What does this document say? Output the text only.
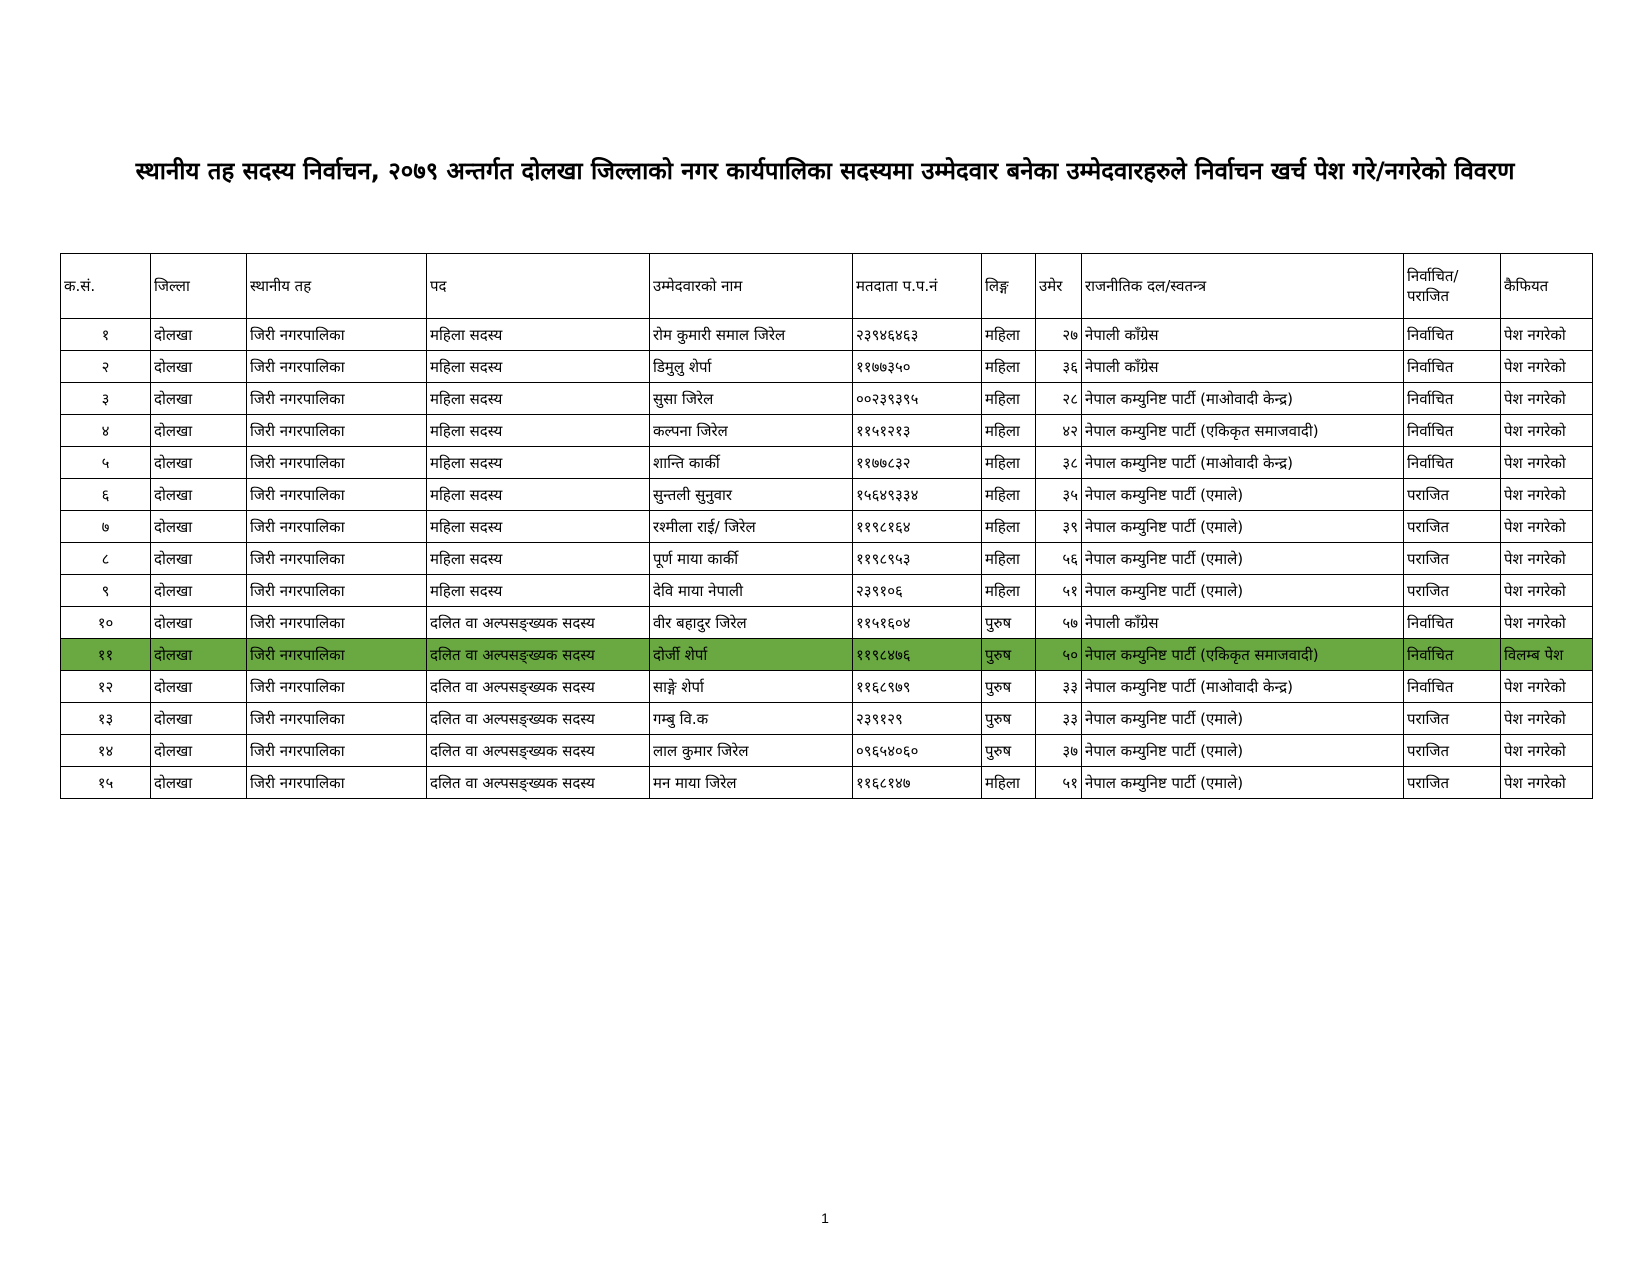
स्थानीय तह सदस्य निर्वाचन, २०७९ अन्तर्गत दोलखा जिल्लाको नगर कार्यपालिका सदस्यमा उम्मेदवार बनेका उम्मेदवारहरुले निर्वाचन खर्च पेश गरे/नगरेको विवरण
क.सं.	जिल्ला	स्थानीय तह	पद	उम्मेदवारको नाम	मतदाता प.प.नं	लिङ्ग	उमेर	राजनीतिक दल/स्वतन्त्र	निर्वाचित/
पराजित	कैफियत
१	दोलखा	जिरी नगरपालिका	महिला सदस्य	रोम कुमारी समाल जिरेल	२३९४६४६३	महिला	२७	नेपाली काँग्रेस	निर्वाचित	पेश नगरेको
२	दोलखा	जिरी नगरपालिका	महिला सदस्य	डिमुलु शेर्पा	११७७३५०	महिला	३६	नेपाली काँग्रेस	निर्वाचित	पेश नगरेको
३	दोलखा	जिरी नगरपालिका	महिला सदस्य	सुसा जिरेल	००२३९३९५	महिला	२८	नेपाल कम्युनिष्ट पार्टी (माओवादी केन्द्र)	निर्वाचित	पेश नगरेको
४	दोलखा	जिरी नगरपालिका	महिला सदस्य	कल्पना जिरेल	११५१२१३	महिला	४२	नेपाल कम्युनिष्ट पार्टी (एकिकृत समाजवादी)	निर्वाचित	पेश नगरेको
५	दोलखा	जिरी नगरपालिका	महिला सदस्य	शान्ति कार्की	११७७८३२	महिला	३८	नेपाल कम्युनिष्ट पार्टी (माओवादी केन्द्र)	निर्वाचित	पेश नगरेको
६	दोलखा	जिरी नगरपालिका	महिला सदस्य	सुन्तली सुनुवार	१५६४९३३४	महिला	३५	नेपाल कम्युनिष्ट पार्टी (एमाले)	पराजित	पेश नगरेको
७	दोलखा	जिरी नगरपालिका	महिला सदस्य	रश्मीला राई/ जिरेल	११९८१६४	महिला	३९	नेपाल कम्युनिष्ट पार्टी (एमाले)	पराजित	पेश नगरेको
८	दोलखा	जिरी नगरपालिका	महिला सदस्य	पूर्ण माया कार्की	११९८९५३	महिला	५६	नेपाल कम्युनिष्ट पार्टी (एमाले)	पराजित	पेश नगरेको
९	दोलखा	जिरी नगरपालिका	महिला सदस्य	देवि माया नेपाली	२३९१०६	महिला	५१	नेपाल कम्युनिष्ट पार्टी (एमाले)	पराजित	पेश नगरेको
१०	दोलखा	जिरी नगरपालिका	दलित वा अल्पसङ्ख्यक सदस्य	वीर बहादुर जिरेल	११५१६०४	पुरुष	५७	नेपाली काँग्रेस	निर्वाचित	पेश नगरेको
११	दोलखा	जिरी नगरपालिका	दलित वा अल्पसङ्ख्यक सदस्य	दोर्जी शेर्पा	११९८४७६	पुरुष	५०	नेपाल कम्युनिष्ट पार्टी (एकिकृत समाजवादी)	निर्वाचित	विलम्ब पेश
१२	दोलखा	जिरी नगरपालिका	दलित वा अल्पसङ्ख्यक सदस्य	साङ्गे शेर्पा	११६८९७९	पुरुष	३३	नेपाल कम्युनिष्ट पार्टी (माओवादी केन्द्र)	निर्वाचित	पेश नगरेको
१३	दोलखा	जिरी नगरपालिका	दलित वा अल्पसङ्ख्यक सदस्य	गम्बु वि.क	२३९१२९	पुरुष	३३	नेपाल कम्युनिष्ट पार्टी (एमाले)	पराजित	पेश नगरेको
१४	दोलखा	जिरी नगरपालिका	दलित वा अल्पसङ्ख्यक सदस्य	लाल कुमार जिरेल	०९६५४०६०	पुरुष	३७	नेपाल कम्युनिष्ट पार्टी (एमाले)	पराजित	पेश नगरेको
१५	दोलखा	जिरी नगरपालिका	दलित वा अल्पसङ्ख्यक सदस्य	मन माया जिरेल	११६८१४७	महिला	५१	नेपाल कम्युनिष्ट पार्टी (एमाले)	पराजित	पेश नगरेको
1
